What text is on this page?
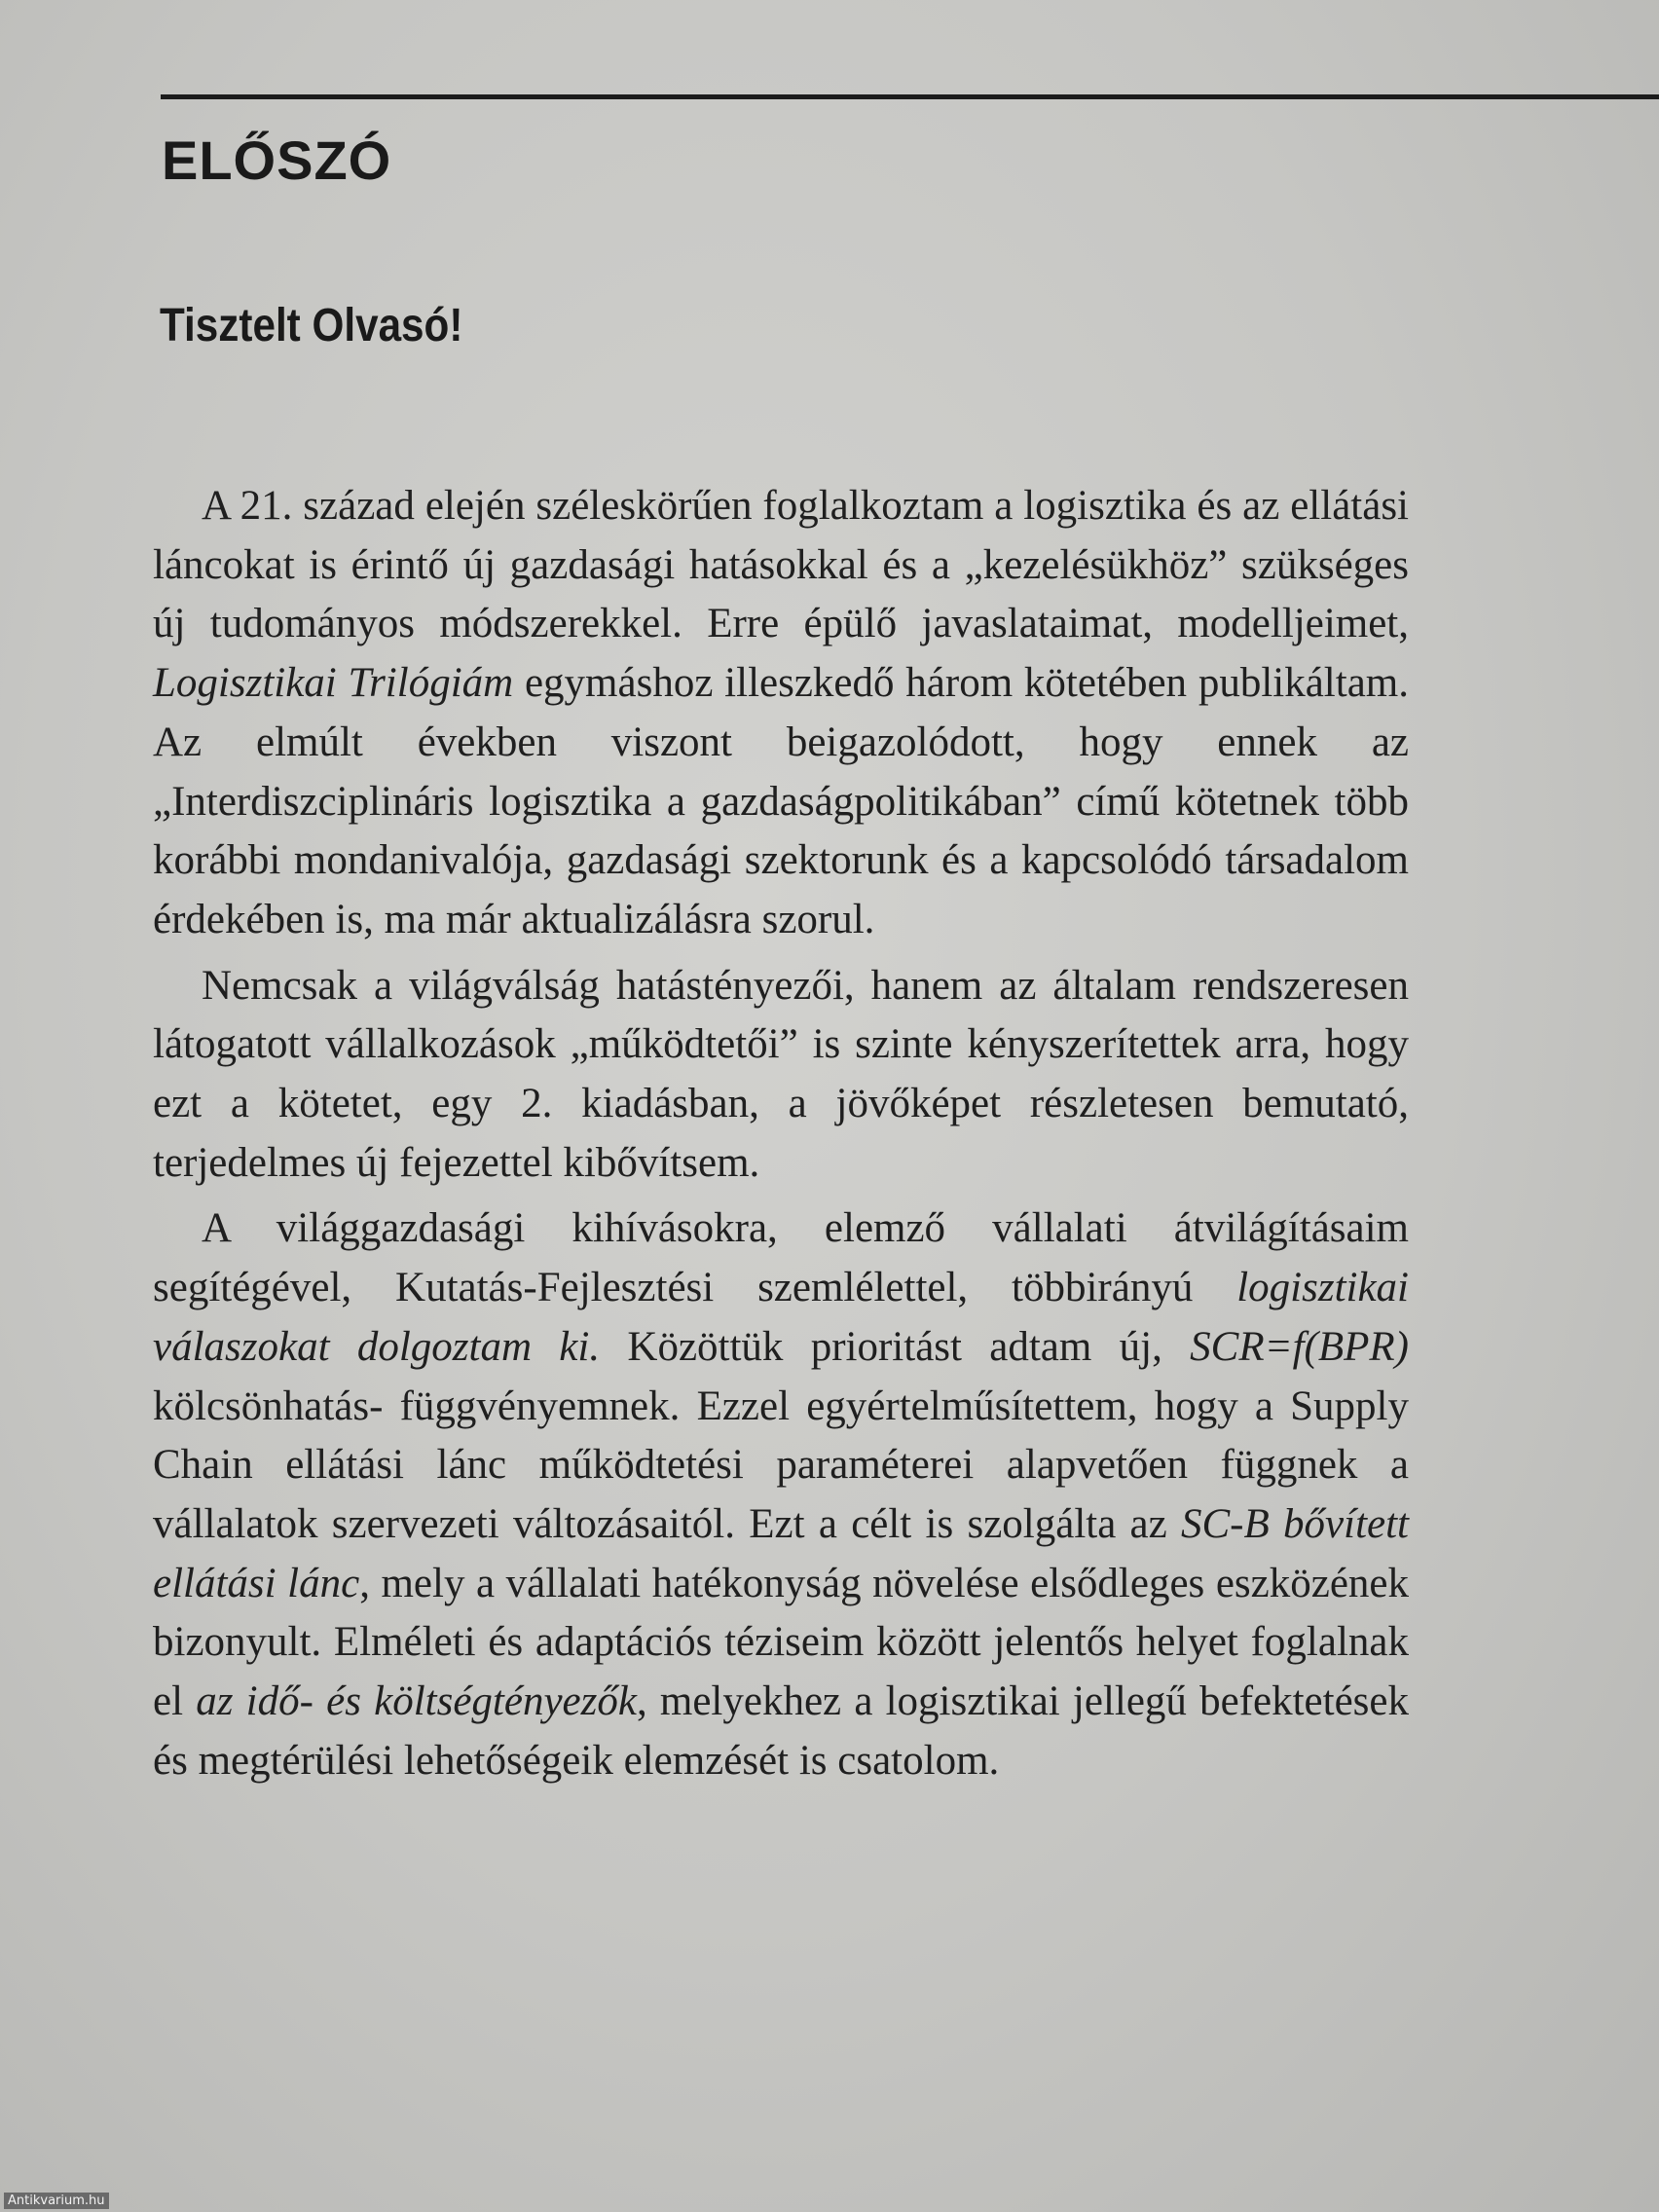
ELŐSZÓ
Tisztelt Olvasó!

A 21. század elején széleskörűen foglalkoztam a logisztika és az ellátási láncokat is érintő új gazdasági hatásokkal és a „kezelésükhöz” szükséges új tudományos módszerekkel. Erre épülő javaslataimat, modelljeimet, Logisztikai Trilógiám egymáshoz illeszkedő három kötetében publikáltam. Az elmúlt években viszont beigazolódott, hogy ennek az „Interdiszciplináris logisztika a gazdaságpolitikában” című kötetnek több korábbi mondanivalója, gazdasági szektorunk és a kapcsolódó társadalom érdekében is, ma már aktualizálásra szorul.

Nemcsak a világválság hatástényezői, hanem az általam rendszeresen látogatott vállalkozások „működtetői” is szinte kényszerítettek arra, hogy ezt a kötetet, egy 2. kiadásban, a jövőképet részletesen bemutató, terjedelmes új fejezettel kibővítsem.

A világgazdasági kihívásokra, elemző vállalati átvilágításaim segítégével, Kutatás-Fejlesztési szemlélettel, többirányú logisztikai válaszokat dolgoztam ki. Közöttük prioritást adtam új, SCR=f(BPR) kölcsönhatás- függvényemnek. Ezzel egyértelműsítettem, hogy a Supply Chain ellátási lánc működtetési paraméterei alapvetően függnek a vállalatok szervezeti változásaitól. Ezt a célt is szolgálta az SC-B bővített ellátási lánc, mely a vállalati hatékonyság növelése elsődleges eszközének bizonyult. Elméleti és adaptációs téziseim között jelentős helyet foglalnak el az idő- és költségtényezők, melyekhez a logisztikai jellegű befektetések és megtérülési lehetőségeik elemzését is csatolom.

Antikvarium.hu
